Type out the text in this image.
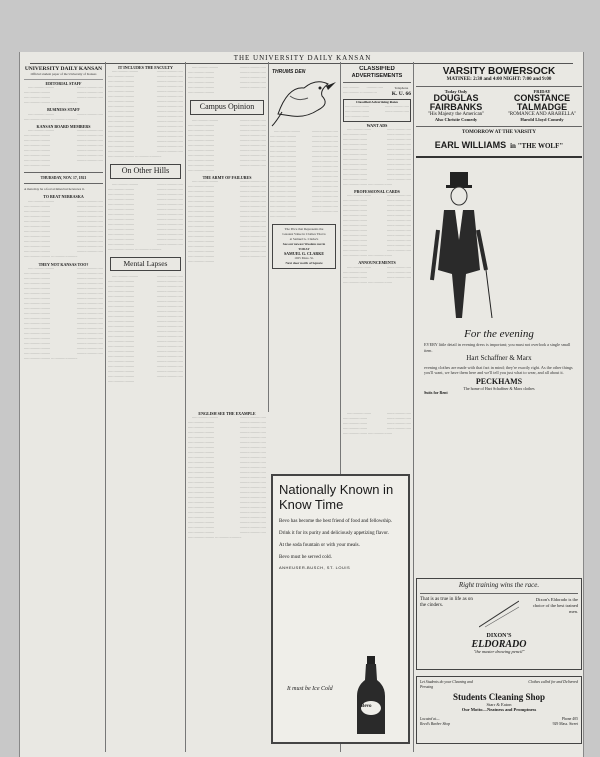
THE UNIVERSITY DAILY KANSAN
UNIVERSITY DAILY KANSAN
Official student paper of the University of Kansas
EDITORIAL STAFF

························ ························ ························ ························ ························ ························ ························ ························

BUSINESS STAFF

························ ························ ························ ························

KANSAN BOARD MEMBERS

························ ························ ························ ························ ························ ························ ························ ························ ························ ························ ························ ························ ························ ························ ························

THURSDAY, NOV. 17, 1921
A man may be a fool at times but he knows it.
TO BEAT NEBRASKA

························ ························ ························ ························ ························ ························ ························ ························ ························ ························ ························ ························ ························ ························ ························ ························ ························ ························ ························ ························ ························ ························ ························ ························

THEY NOT KANSAS TOO?

························ ························ ························ ························ ························ ························ ························ ························ ························ ························ ························ ························ ························ ························ ························ ························ ························ ························ ························ ························ ························ ························ ························ ························ ························ ························ ························ ························ ························ ························ ························ ························ ························ ························ ························ ························ ························ ························

IT INCLUDES THE FACULTY

························ ························ ························ ························ ························ ························ ························ ························ ························ ························ ························ ························ ························ ························ ························ ························ ························ ························ ························ ························ ························ ························ ························ ························ ························ ························ ························ ························ ························ ························ ························ ························ ························ ························ ························ ························

On Other Hills

························ ························ ························ ························ ························ ························ ························ ························ ························ ························ ························ ························ ························ ························ ························ ························ ························ ························ ························ ························ ························ ························ ························ ························ ························ ························ ························ ························

Mental Lapses

························ ························ ························ ························ ························ ························ ························ ························ ························ ························ ························ ························ ························ ························ ························ ························ ························ ························ ························ ························ ························ ························ ························ ························ ························ ························ ························ ························ ························ ························ ························ ························ ························ ························ ························ ························ ························ ························ ························ ························ ························ ························ ························

························ ························ ························ ························ ························ ························ ························ ························ ························ ························ ························

Campus Opinion

························ ························ ························ ························ ························ ························ ························ ························ ························ ························ ························ ························ ························ ························ ························ ························ ························ ························ ························ ························ ························

THE ARMY OF FAILURES

························ ························ ························ ························ ························ ························ ························ ························ ························ ························ ························ ························ ························ ························ ························ ························ ························ ························ ························ ························ ························ ························ ························ ························ ························ ························ ························ ························ ························ ························ ························ ························ ························

THRUMS DEN

························ ························ ························ ························ ························ ························ ························ ························ ························ ························ ························ ························ ························ ························ ························ ························ ························ ························ ························ ························ ························ ························ ························ ························ ························ ························ ························ ························ ························ ························ ························ ························ ························ ························ ························

The Price that Represents the
Greatest Value in Clothes That is
at Samuel G. Clarke's
See our newest Woolens not in
TODAY
SAMUEL G. CLARKE
1025 Mass. St.
Next door north of Square
CLASSIFIED
ADVERTISEMENTS
··············· ··············· ··············· ···············
Telephone
K. U. 66
Classified Advertising Rates
······················ ······················ ······················ ······················ ······················
WANT ADS

······················ ······················ ······················ ······················ ······················ ······················ ······················ ······················ ······················ ······················ ······················ ······················ ······················ ······················ ······················ ······················ ······················ ······················ ······················ ······················ ······················ ······················ ······················ ······················

PROFESSIONAL CARDS

······················ ······················ ······················ ······················ ······················ ······················ ······················ ······················ ······················ ······················ ······················ ······················ ······················ ······················ ······················ ······················ ······················ ······················ ······················ ······················ ······················ ······················ ······················ ······················ ······················ ······················

ANNOUNCEMENTS

······················ ······················ ······················ ······················ ······················ ······················ ······················ ······················

VARSITY BOWERSOCK
MATINEE: 2:30 and 4:00 NIGHT: 7:00 and 9:00
Today Only
DOUGLAS FAIRBANKS
"His Majesty the American"
Also Christie Comedy
FRIDAY
CONSTANCE TALMADGE
"ROMANCE AND ARABELLA"
Harold Lloyd Comedy
TOMORROW AT THE VARSITY
EARL WILLIAMS in "THE WOLF"
For the evening
EVERY little detail in evening dress is important; you must not overlook a single small item.
Hart Schaffner & Marx
evening clothes are made with that fact in mind; they're exactly right. As the other things you'll want, we have them here and we'll tell you just what to wear, and all about it.
PECKHAMS
The home of Hart Schaffner & Marx clothes
Suits for Rent
ENGLISH SEE THE EXAMPLE

························ ························ ························ ························ ························ ························ ························ ························ ························ ························ ························ ························ ························ ························ ························ ························ ························ ························ ························ ························ ························ ························ ························ ························ ························ ························ ························ ························ ························ ························ ························ ························ ························ ························ ························ ························ ························ ························ ························ ························ ························ ························ ························ ························ ························ ························ ························ ························ ························ ························

Nationally Known in Know Time
Bevo has become the best friend of food and fellowship.
Drink it for its purity and deliciously appetizing flavor.
At the soda fountain or with your meals.
Bevo must be served cold.
ANHEUSER-BUSCH, ST. LOUIS
It must be Ice Cold
Bevo

······················ ······················ ······················ ······················ ······················ ······················ ······················ ······················ ······················ ······················

Right training wins the race.
That is as true in life as on the cinders.
Dixon's Eldorado is the choice of the best trained men.
DIXON'S
ELDORADO
"the master drawing pencil"
Let Students do your Cleaning and Pressing
Clothes called for and Delivered
Students Cleaning Shop
Starr & Eaton
Our Motto—Neatness and Promptness
Located at—
Reed's Barber Shop
Phone 405
929 Mass. Street
